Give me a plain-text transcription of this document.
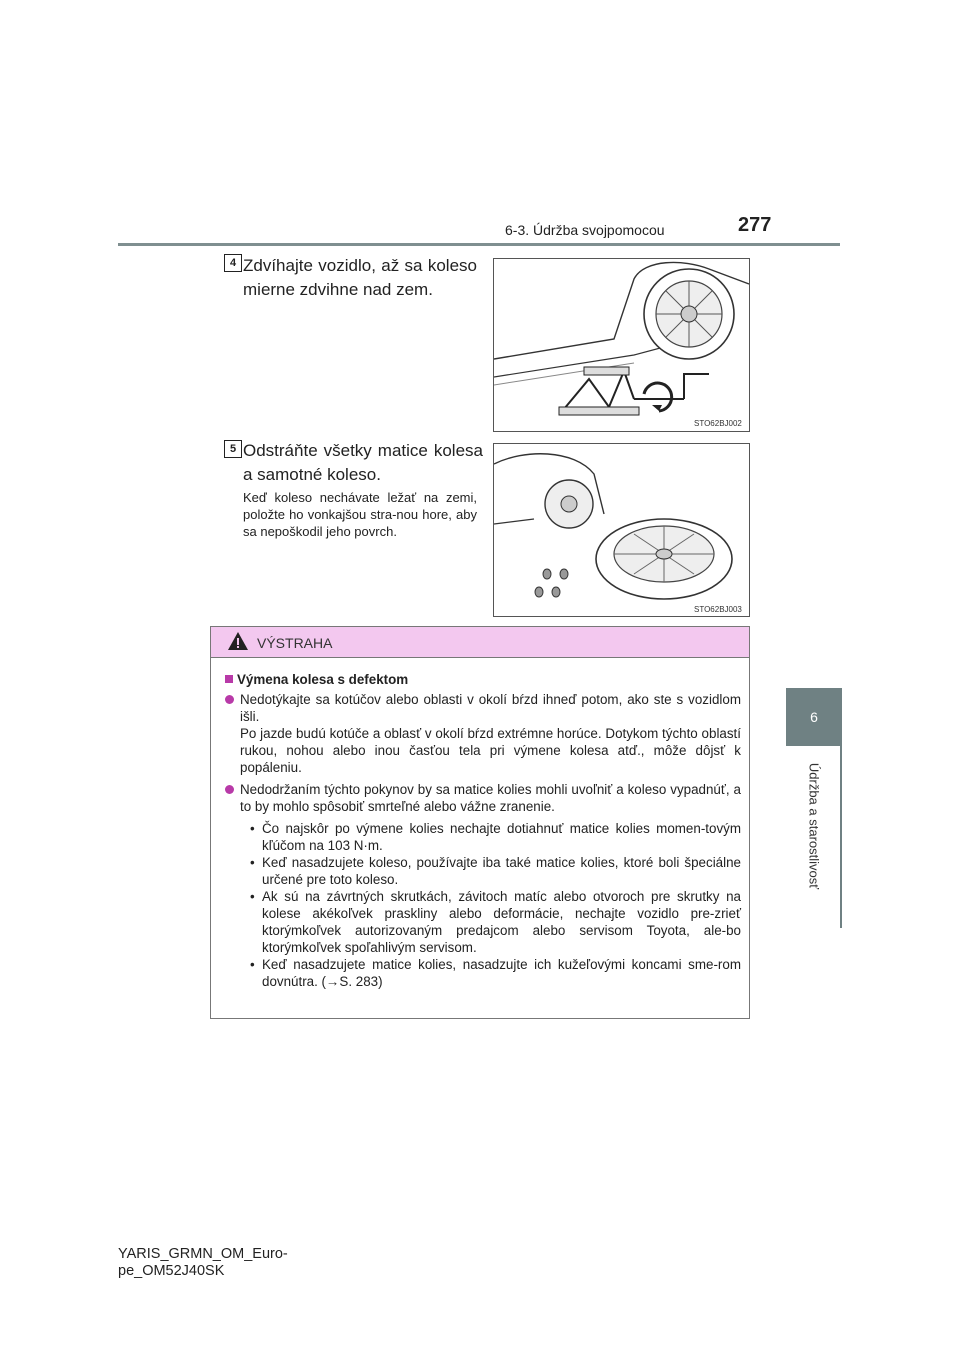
6-3. Údržba svojpomocou	277
6
Údržba a starostlivosť
4 Zdvíhajte vozidlo, až sa koleso mierne zdvihne nad zem.
STO62BJ002
5 Odstráňte všetky matice kolesa a samotné koleso.
Keď koleso nechávate ležať na zemi, položte ho vonkajšou stra-nou hore, aby sa nepoškodil jeho povrch.
STO62BJ003
VÝSTRAHA
Výmena kolesa s defektom
Nedotýkajte sa kotúčov alebo oblasti v okolí bŕzd ihneď potom, ako ste s vozidlom išli.
Po jazde budú kotúče a oblasť v okolí bŕzd extrémne horúce. Dotykom týchto oblastí rukou, nohou alebo inou časťou tela pri výmene kolesa atď., môže dôjsť k popáleniu.
Nedodržaním týchto pokynov by sa matice kolies mohli uvoľniť a koleso vypadnúť, a to by mohlo spôsobiť smrteľné alebo vážne zranenie.
• Čo najskôr po výmene kolies nechajte dotiahnuť matice kolies momen-tovým kľúčom na 103 N·m.
• Keď nasadzujete koleso, používajte iba také matice kolies, ktoré boli špeciálne určené pre toto koleso.
• Ak sú na závrtných skrutkách, závitoch matíc alebo otvoroch pre skrutky na kolese akékoľvek praskliny alebo deformácie, nechajte vozidlo pre-zrieť ktorýmkoľvek autorizovaným predajcom alebo servisom Toyota, ale-bo ktorýmkoľvek spoľahlivým servisom.
• Keď nasadzujete matice kolies, nasadzujte ich kužeľovými koncami sme-rom dovnútra. (→S. 283)
YARIS_GRMN_OM_Euro-
pe_OM52J40SK
